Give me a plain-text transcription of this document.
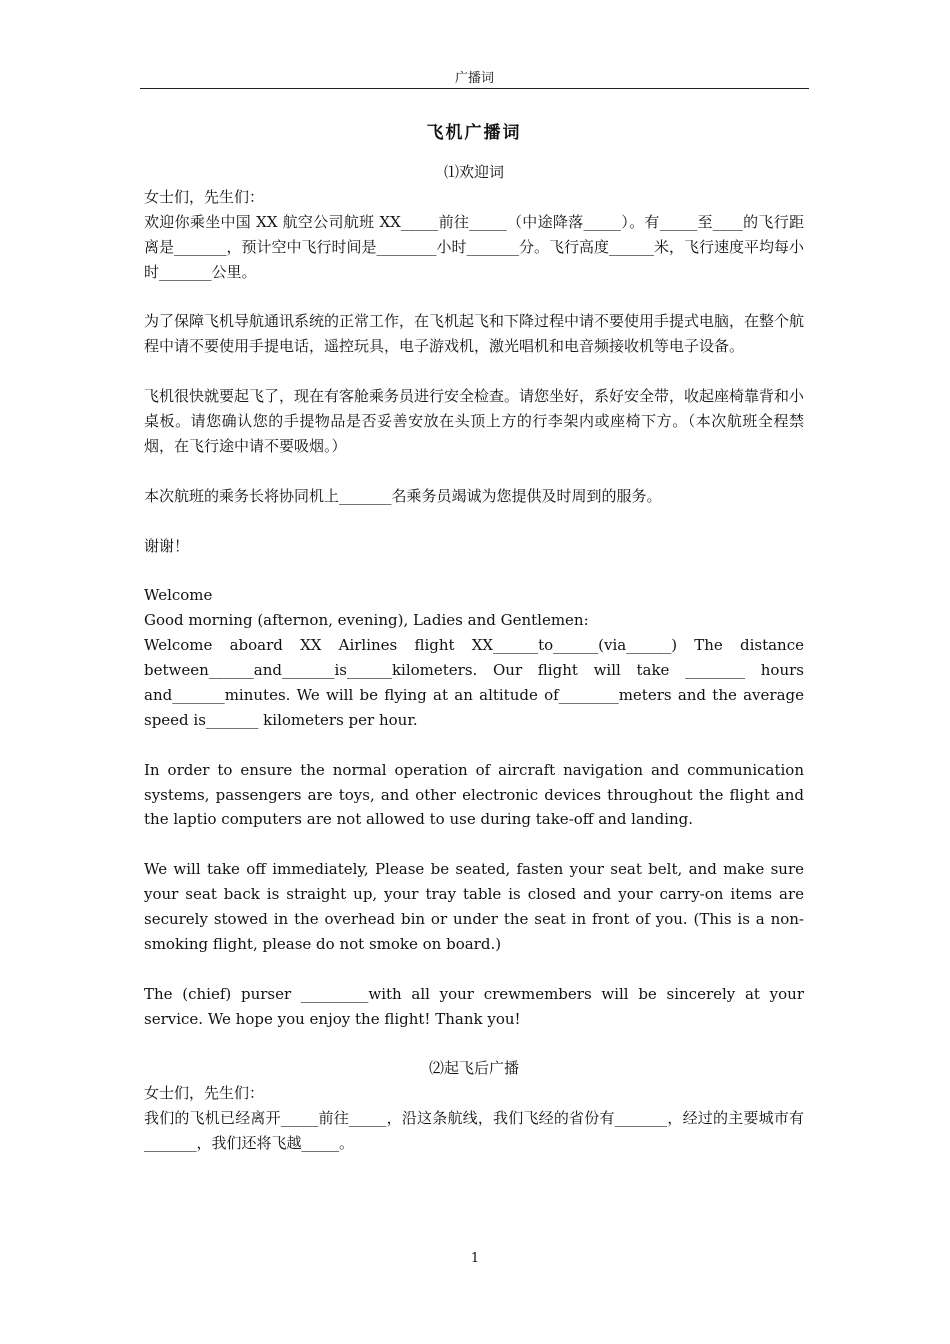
广播词
飞机广播词
⑴欢迎词
女士们，先生们：
欢迎你乘坐中国 XX 航空公司航班 XX_____前往_____（中途降落_____）。有_____至____的飞行距离是_______，预计空中飞行时间是________小时_______分。飞行高度______米，飞行速度平均每小时_______公里。
为了保障飞机导航通讯系统的正常工作，在飞机起飞和下降过程中请不要使用手提式电脑，在整个航程中请不要使用手提电话，遥控玩具，电子游戏机，激光唱机和电音频接收机等电子设备。
飞机很快就要起飞了，现在有客舱乘务员进行安全检查。请您坐好，系好安全带，收起座椅靠背和小桌板。请您确认您的手提物品是否妥善安放在头顶上方的行李架内或座椅下方。（本次航班全程禁烟，在飞行途中请不要吸烟。）
本次航班的乘务长将协同机上_______名乘务员竭诚为您提供及时周到的服务。
谢谢！
Welcome
Good morning (afternon, evening), Ladies and Gentlemen:
Welcome aboard XX Airlines flight XX______to______(via______) The distance between______and_______is______kilometers. Our flight will take ________ hours and_______minutes. We will be flying at an altitude of________meters and the average speed is_______ kilometers per hour.
In order to ensure the normal operation of aircraft navigation and communication systems, passengers are toys, and other electronic devices throughout the flight and the laptio computers are not allowed to use during take-off and landing.
We will take off immediately, Please be seated, fasten your seat belt, and make sure your seat back is straight up, your tray table is closed and your carry-on items are securely stowed in the overhead bin or under the seat in front of you. (This is a non-smoking flight, please do not smoke on board.)
The (chief) purser _________with all your crewmembers will be sincerely at your service. We hope you enjoy the flight! Thank you!
⑵起飞后广播
女士们，先生们：
我们的飞机已经离开_____前往_____，沿这条航线，我们飞经的省份有_______，经过的主要城市有_______，我们还将飞越_____。
1
